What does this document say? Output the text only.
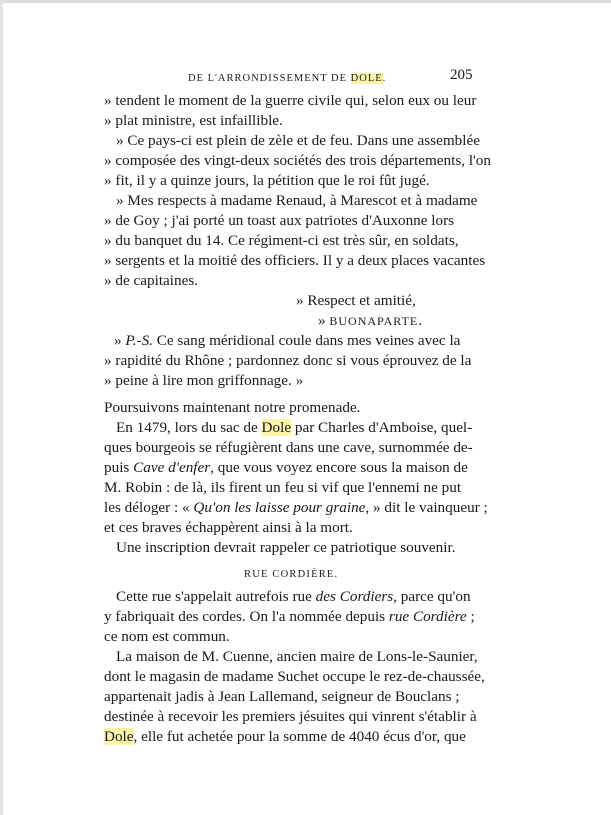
DE L'ARRONDISSEMENT DE DOLE.	205
» tendent le moment de la guerre civile qui, selon eux ou leur
» plat ministre, est infaillible.
» Ce pays-ci est plein de zèle et de feu. Dans une assemblée
» composée des vingt-deux sociétés des trois départements, l'on
» fit, il y a quinze jours, la pétition que le roi fût jugé.
» Mes respects à madame Renaud, à Marescot et à madame
» de Goy ; j'ai porté un toast aux patriotes d'Auxonne lors
» du banquet du 14. Ce régiment-ci est très sûr, en soldats,
» sergents et la moitié des officiers. Il y a deux places vacantes
» de capitaines.
» Respect et amitié,
» BUONAPARTE.
» P.-S. Ce sang méridional coule dans mes veines avec la
» rapidité du Rhône ; pardonnez donc si vous éprouvez de la
» peine à lire mon griffonnage. »
Poursuivons maintenant notre promenade.
En 1479, lors du sac de Dole par Charles d'Amboise, quel-
ques bourgeois se réfugièrent dans une cave, surnommée de-
puis Cave d'enfer, que vous voyez encore sous la maison de
M. Robin : de là, ils firent un feu si vif que l'ennemi ne put
les déloger : « Qu'on les laisse pour graine, » dit le vainqueur ;
et ces braves échappèrent ainsi à la mort.
Une inscription devrait rappeler ce patriotique souvenir.
RUE CORDIÈRE.
Cette rue s'appelait autrefois rue des Cordiers, parce qu'on
y fabriquait des cordes. On l'a nommée depuis rue Cordière ;
ce nom est commun.
La maison de M. Cuenne, ancien maire de Lons-le-Saunier,
dont le magasin de madame Suchet occupe le rez-de-chaussée,
appartenait jadis à Jean Lallemand, seigneur de Bouclans ;
destinée à recevoir les premiers jésuites qui vinrent s'établir à
Dole, elle fut achetée pour la somme de 4040 écus d'or, que
